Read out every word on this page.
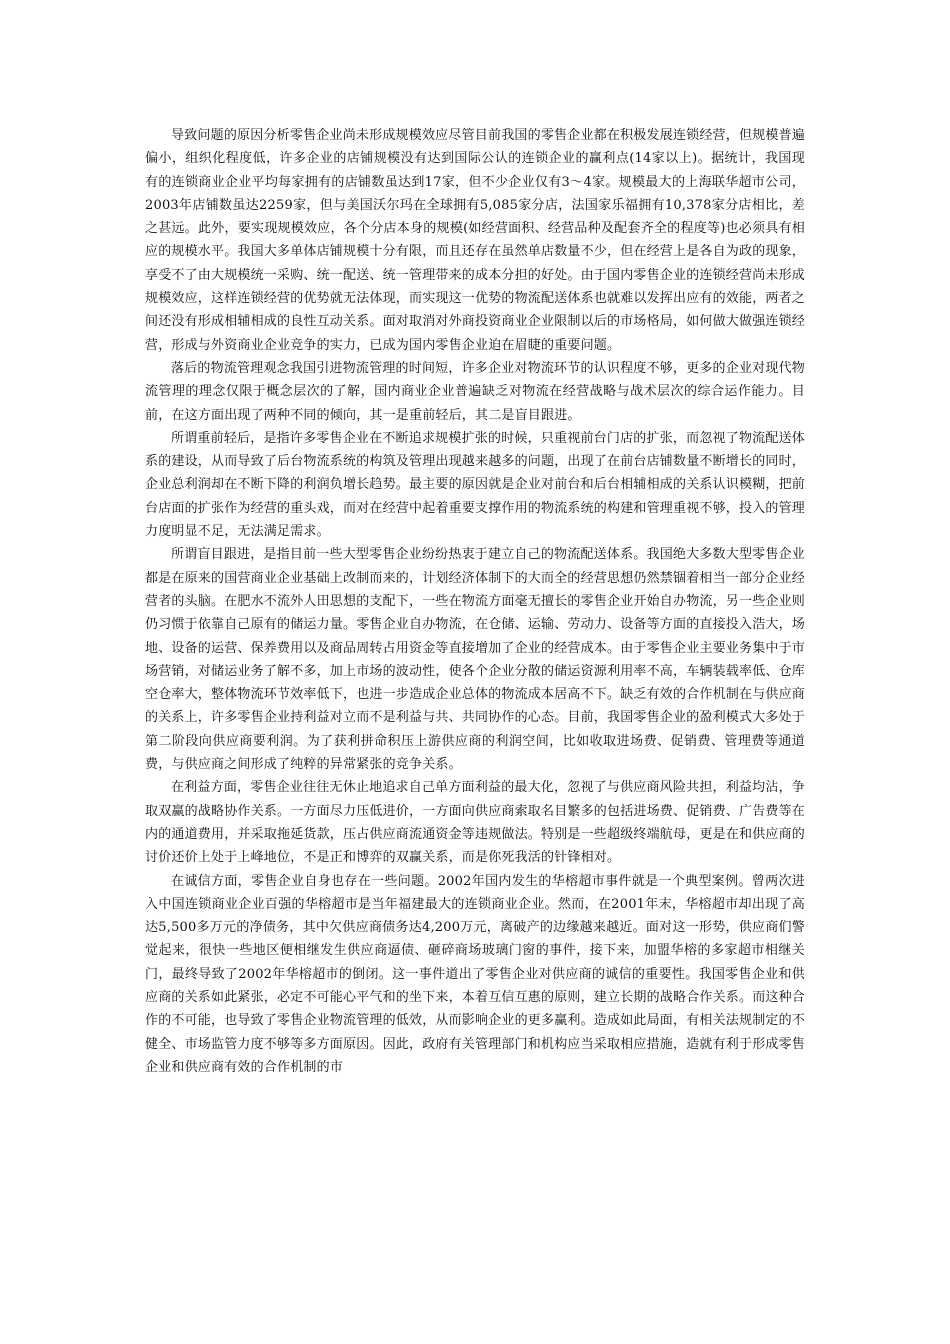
导致问题的原因分析零售企业尚未形成规模效应尽管目前我国的零售企业都在积极发展连锁经营，但规模普遍偏小，组织化程度低，许多企业的店铺规模没有达到国际公认的连锁企业的赢利点(14家以上)。据统计，我国现有的连锁商业企业平均每家拥有的店铺数虽达到17家，但不少企业仅有3～4家。规模最大的上海联华超市公司，2003年店铺数虽达2259家，但与美国沃尔玛在全球拥有5,085家分店，法国家乐福拥有10,378家分店相比，差之甚远。此外，要实现规模效应，各个分店本身的规模(如经营面积、经营品种及配套齐全的程度等)也必须具有相应的规模水平。我国大多单体店铺规模十分有限，而且还存在虽然单店数量不少，但在经营上是各自为政的现象，享受不了由大规模统一采购、统一配送、统一管理带来的成本分担的好处。由于国内零售企业的连锁经营尚未形成规模效应，这样连锁经营的优势就无法体现，而实现这一优势的物流配送体系也就难以发挥出应有的效能，两者之间还没有形成相辅相成的良性互动关系。面对取消对外商投资商业企业限制以后的市场格局，如何做大做强连锁经营，形成与外资商业企业竞争的实力，已成为国内零售企业迫在眉睫的重要问题。

落后的物流管理观念我国引进物流管理的时间短，许多企业对物流环节的认识程度不够，更多的企业对现代物流管理的理念仅限于概念层次的了解，国内商业企业普遍缺乏对物流在经营战略与战术层次的综合运作能力。目前，在这方面出现了两种不同的倾向，其一是重前轻后，其二是盲目跟进。

所谓重前轻后，是指许多零售企业在不断追求规模扩张的时候，只重视前台门店的扩张，而忽视了物流配送体系的建设，从而导致了后台物流系统的构筑及管理出现越来越多的问题，出现了在前台店铺数量不断增长的同时，企业总利润却在不断下降的利润负增长趋势。最主要的原因就是企业对前台和后台相辅相成的关系认识模糊，把前台店面的扩张作为经营的重头戏，而对在经营中起着重要支撑作用的物流系统的构建和管理重视不够，投入的管理力度明显不足，无法满足需求。

所谓盲目跟进，是指目前一些大型零售企业纷纷热衷于建立自己的物流配送体系。我国绝大多数大型零售企业都是在原来的国营商业企业基础上改制而来的，计划经济体制下的大而全的经营思想仍然禁锢着相当一部分企业经营者的头脑。在肥水不流外人田思想的支配下，一些在物流方面毫无擅长的零售企业开始自办物流，另一些企业则仍习惯于依靠自己原有的储运力量。零售企业自办物流，在仓储、运输、劳动力、设备等方面的直接投入浩大，场地、设备的运营、保养费用以及商品周转占用资金等直接增加了企业的经营成本。由于零售企业主要业务集中于市场营销，对储运业务了解不多，加上市场的波动性，使各个企业分散的储运资源利用率不高，车辆装载率低、仓库空仓率大，整体物流环节效率低下，也进一步造成企业总体的物流成本居高不下。缺乏有效的合作机制在与供应商的关系上，许多零售企业持利益对立而不是利益与共、共同协作的心态。目前，我国零售企业的盈利模式大多处于第二阶段向供应商要利润。为了获利拼命积压上游供应商的利润空间，比如收取进场费、促销费、管理费等通道费，与供应商之间形成了纯粹的异常紧张的竞争关系。

在利益方面，零售企业往往无休止地追求自己单方面利益的最大化，忽视了与供应商风险共担，利益均沾，争取双赢的战略协作关系。一方面尽力压低进价，一方面向供应商索取名目繁多的包括进场费、促销费、广告费等在内的通道费用，并采取拖延货款，压占供应商流通资金等违规做法。特别是一些超级终端航母，更是在和供应商的讨价还价上处于上峰地位，不是正和博弈的双赢关系，而是你死我活的针锋相对。

在诚信方面，零售企业自身也存在一些问题。2002年国内发生的华榕超市事件就是一个典型案例。曾两次进入中国连锁商业企业百强的华榕超市是当年福建最大的连锁商业企业。然而，在2001年末，华榕超市却出现了高达5,500多万元的净债务，其中欠供应商债务达4,200万元，离破产的边缘越来越近。面对这一形势，供应商们警觉起来，很快一些地区便相继发生供应商逼债、砸碎商场玻璃门窗的事件，接下来，加盟华榕的多家超市相继关门，最终导致了2002年华榕超市的倒闭。这一事件道出了零售企业对供应商的诚信的重要性。我国零售企业和供应商的关系如此紧张，必定不可能心平气和的坐下来，本着互信互惠的原则，建立长期的战略合作关系。而这种合作的不可能，也导致了零售企业物流管理的低效，从而影响企业的更多赢利。造成如此局面，有相关法规制定的不健全、市场监管力度不够等多方面原因。因此，政府有关管理部门和机构应当采取相应措施，造就有利于形成零售企业和供应商有效的合作机制的市
